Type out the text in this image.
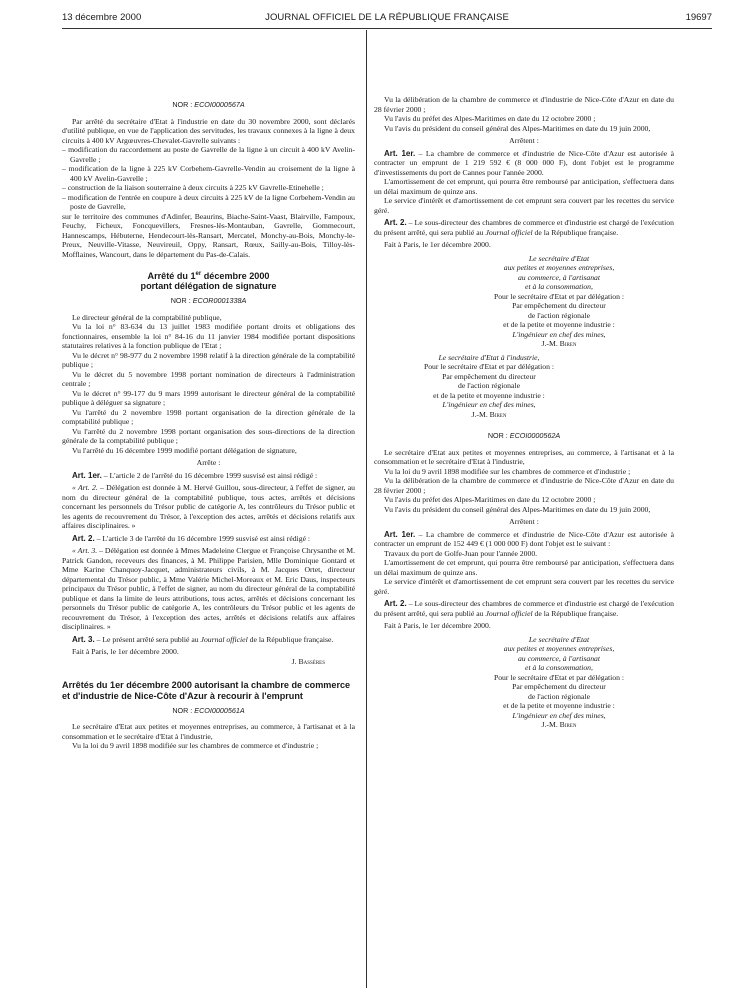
13 décembre 2000	JOURNAL OFFICIEL DE LA RÉPUBLIQUE FRANÇAISE	19697

NOR : ECOI0000567A

Par arrêté du secrétaire d'Etat à l'industrie en date du 30 novembre 2000, sont déclarés d'utilité publique, en vue de l'application des servitudes, les travaux connexes à la ligne à deux circuits à 400 kV Argœuvres-Chevalet-Gavrelle suivants :

– modification du raccordement au poste de Gavrelle de la ligne à un circuit à 400 kV Avelin-Gavrelle ;

– modification de la ligne à 225 kV Corbehem-Gavrelle-Vendin au croisement de la ligne à 400 kV Avelin-Gavrelle ;

– construction de la liaison souterraine à deux circuits à 225 kV Gavrelle-Etinehelle ;

– modification de l'entrée en coupure à deux circuits à 225 kV de la ligne Corbehem-Vendin au poste de Gavrelle,

sur le territoire des communes d'Adinfer, Beaurins, Biache-Saint-Vaast, Blairville, Fampoux, Feuchy, Ficheux, Foncquevillers, Fresnes-lès-Montauban, Gavrelle, Gommecourt, Hannescamps, Hébuterne, Hendecourt-lès-Ransart, Mercatel, Monchy-au-Bois, Monchy-le-Preux, Neuville-Vitasse, Neuvireuil, Oppy, Ransart, Rœux, Sailly-au-Bois, Tilloy-lès-Mofflaines, Wancourt, dans le département du Pas-de-Calais.

Arrêté du 1er décembre 2000
portant délégation de signature

NOR : ECOR0001338A

Le directeur général de la comptabilité publique,

Vu la loi n° 83-634 du 13 juillet 1983 modifiée portant droits et obligations des fonctionnaires, ensemble la loi n° 84-16 du 11 janvier 1984 modifiée portant dispositions statutaires relatives à la fonction publique de l'Etat ;

Vu le décret n° 98-977 du 2 novembre 1998 relatif à la direction générale de la comptabilité publique ;

Vu le décret du 5 novembre 1998 portant nomination de directeurs à l'administration centrale ;

Vu le décret n° 99-177 du 9 mars 1999 autorisant le directeur général de la comptabilité publique à déléguer sa signature ;

Vu l'arrêté du 2 novembre 1998 portant organisation de la direction générale de la comptabilité publique ;

Vu l'arrêté du 2 novembre 1998 portant organisation des sous-directions de la direction générale de la comptabilité publique ;

Vu l'arrêté du 16 décembre 1999 modifié portant délégation de signature,

Arrête :

Art. 1er. – L'article 2 de l'arrêté du 16 décembre 1999 susvisé est ainsi rédigé :

« Art. 2. – Délégation est donnée à M. Hervé Guillou, sous-directeur, à l'effet de signer, au nom du directeur général de la comptabilité publique, tous actes, arrêtés et décisions concernant les personnels du Trésor public de catégorie A, les contrôleurs du Trésor public et les agents de recouvrement du Trésor, à l'exception des actes, arrêtés et décisions relatifs aux affaires disciplinaires. »

Art. 2. – L'article 3 de l'arrêté du 16 décembre 1999 susvisé est ainsi rédigé :

« Art. 3. – Délégation est donnée à Mmes Madeleine Clergue et Françoise Chrysanthe et M. Patrick Gandon, receveurs des finances, à M. Philippe Parisien, Mlle Dominique Gontard et Mme Karine Chanquoy-Jacquet, administrateurs civils, à M. Jacques Ortet, directeur départemental du Trésor public, à Mme Valérie Michel-Moreaux et M. Eric Daus, inspecteurs principaux du Trésor public, à l'effet de signer, au nom du directeur général de la comptabilité publique et dans la limite de leurs attributions, tous actes, arrêtés et décisions concernant les personnels du Trésor public de catégorie A, les contrôleurs du Trésor public et les agents de recouvrement du Trésor, à l'exception des actes, arrêtés et décisions relatifs aux affaires disciplinaires. »

Art. 3. – Le présent arrêté sera publié au Journal officiel de la République française.

Fait à Paris, le 1er décembre 2000.

J. Bassères

Arrêtés du 1er décembre 2000 autorisant la chambre de commerce et d'industrie de Nice-Côte d'Azur à recourir à l'emprunt

NOR : ECOI0000561A

Le secrétaire d'Etat aux petites et moyennes entreprises, au commerce, à l'artisanat et à la consommation et le secrétaire d'Etat à l'industrie,

Vu la loi du 9 avril 1898 modifiée sur les chambres de commerce et d'industrie ;

Vu la délibération de la chambre de commerce et d'industrie de Nice-Côte d'Azur en date du 28 février 2000 ;

Vu l'avis du préfet des Alpes-Maritimes en date du 12 octobre 2000 ;

Vu l'avis du président du conseil général des Alpes-Maritimes en date du 19 juin 2000,

Arrêtent :

Art. 1er. – La chambre de commerce et d'industrie de Nice-Côte d'Azur est autorisée à contracter un emprunt de 1 219 592 € (8 000 000 F), dont l'objet est le programme d'investissements du port de Cannes pour l'année 2000.

L'amortissement de cet emprunt, qui pourra être remboursé par anticipation, s'effectuera dans un délai maximum de quinze ans.

Le service d'intérêt et d'amortissement de cet emprunt sera couvert par les recettes du service géré.

Art. 2. – Le sous-directeur des chambres de commerce et d'industrie est chargé de l'exécution du présent arrêté, qui sera publié au Journal officiel de la République française.

Fait à Paris, le 1er décembre 2000.

Le secrétaire d'Etat
aux petites et moyennes entreprises,
au commerce, à l'artisanat
et à la consommation,
Pour le secrétaire d'Etat et par délégation :
Par empêchement du directeur
de l'action régionale
et de la petite et moyenne industrie :
L'ingénieur en chef des mines,
J.-M. Biren
Le secrétaire d'Etat à l'industrie,
Pour le secrétaire d'Etat et par délégation :
Par empêchement du directeur
de l'action régionale
et de la petite et moyenne industrie :
L'ingénieur en chef des mines,
J.-M. Biren

NOR : ECOI0000562A

Le secrétaire d'Etat aux petites et moyennes entreprises, au commerce, à l'artisanat et à la consommation et le secrétaire d'Etat à l'industrie,

Vu la loi du 9 avril 1898 modifiée sur les chambres de commerce et d'industrie ;

Vu la délibération de la chambre de commerce et d'industrie de Nice-Côte d'Azur en date du 28 février 2000 ;

Vu l'avis du préfet des Alpes-Maritimes en date du 12 octobre 2000 ;

Vu l'avis du président du conseil général des Alpes-Maritimes en date du 19 juin 2000,

Arrêtent :

Art. 1er. – La chambre de commerce et d'industrie de Nice-Côte d'Azur est autorisée à contracter un emprunt de 152 449 € (1 000 000 F) dont l'objet est le suivant :

Travaux du port de Golfe-Juan pour l'année 2000.

L'amortissement de cet emprunt, qui pourra être remboursé par anticipation, s'effectuera dans un délai maximum de quinze ans.

Le service d'intérêt et d'amortissement de cet emprunt sera couvert par les recettes du service géré.

Art. 2. – Le sous-directeur des chambres de commerce et d'industrie est chargé de l'exécution du présent arrêté, qui sera publié au Journal officiel de la République française.

Fait à Paris, le 1er décembre 2000.

Le secrétaire d'Etat
aux petites et moyennes entreprises,
au commerce, à l'artisanat
et à la consommation,
Pour le secrétaire d'Etat et par délégation :
Par empêchement du directeur
de l'action régionale
et de la petite et moyenne industrie :
L'ingénieur en chef des mines,
J.-M. Biren
